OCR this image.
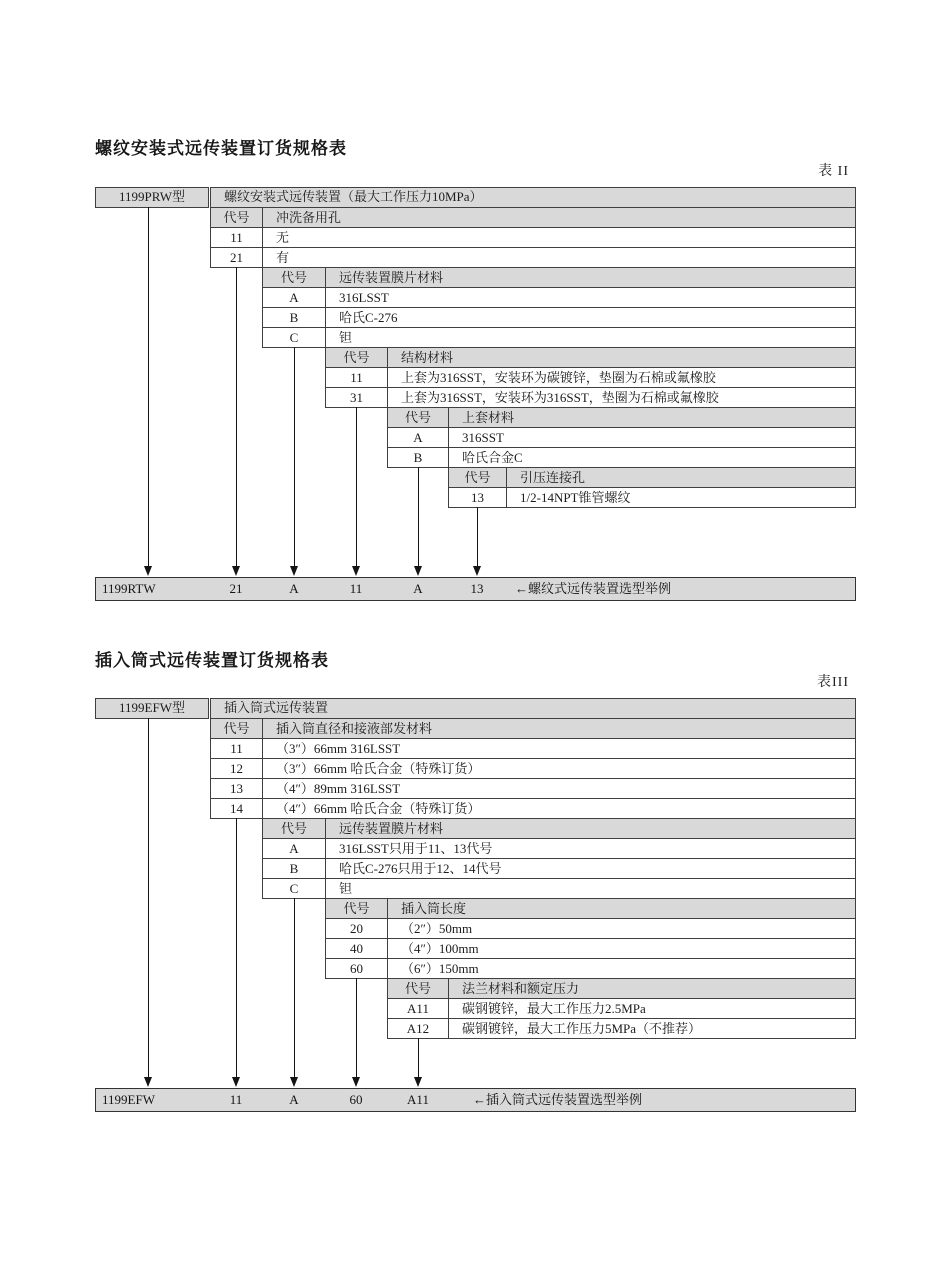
螺纹安装式远传装置订货规格表
表 II
1199PRW型	螺纹安装式远传装置（最大工作压力10MPa）
代号	冲洗备用孔
11	无
21	有
代号	远传装置膜片材料
A	316LSST
B	哈氏C-276
C	钽
代号	结构材料
11	上套为316SST，安装环为碳镀锌，垫圈为石棉或氟橡胶
31	上套为316SST，安装环为316SST，垫圈为石棉或氟橡胶
代号	上套材料
A	316SST
B	哈氏合金C
代号	引压连接孔
13	1/2-14NPT锥管螺纹
1199RTW	21	A	11	A	13 ←螺纹式远传装置选型举例
插入筒式远传装置订货规格表
表III
1199EFW型	插入筒式远传装置
代号	插入筒直径和接液部发材料
11	（3″）66mm 316LSST
12	（3″）66mm 哈氏合金（特殊订货）
13	（4″）89mm 316LSST
14	（4″）66mm 哈氏合金（特殊订货）
代号	远传装置膜片材料
A	316LSST只用于11、13代号
B	哈氏C-276只用于12、14代号
C	钽
代号	插入筒长度
20	（2″）50mm
40	（4″）100mm
60	（6″）150mm
代号	法兰材料和额定压力
A11	碳钢镀锌，最大工作压力2.5MPa
A12	碳钢镀锌，最大工作压力5MPa（不推荐）
1199EFW	11	A	60	A11	←插入筒式远传装置选型举例
